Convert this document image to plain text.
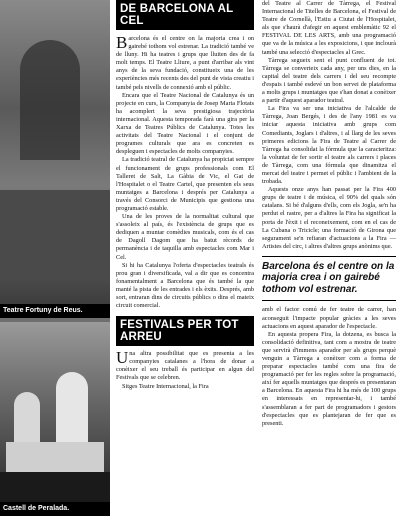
Teatre Fortuny de Reus.
Castell de Peralada.
DE BARCELONA AL CEL

Barcelona és el centre on la majoria crea i on gairebé tothom vol estrenar. La tradició també ve de lluny. Hi ha teatres i grups que lluiten des de fa molt temps. El Teatre Lliure, a punt d'arribar als vint anys de la seva fundació, constitueix una de les experiències més recents des del punt de vista creatiu i també pels nivells de connexió amb el públic.

Encara que el Teatre Nacional de Catalunya és un projecte en curs, la Companyia de Josep Maria Flotats ha acomplert la seva prestigiosa trajectòria internacional. Aquesta temporada farà una gira per la Xarxa de Teatres Públics de Catalunya. Totes les activitats del Teatre Nacional i el conjunt de programes culturals que ara es concreten es despleguen i espectacles de molts companyies.

La tradició teatral de Catalunya ha propiciat sempre el funcionament de grups professionals com El Talleret de Salt, La Gàbia de Vic, el Gat de l'Hospitalet o el Teatre Cartel, que presenten els seus muntatges a Barcelona i després per Catalunya a través del Consorci de Municipis que gestiona una programació estable.

Una de les proves de la normalitat cultural que s'assoleix al país, és l'existència de grups que es dediquen a muntar comèdies musicals, com és el cas de Dagoll Dagom que ha batut rècords de permanència i de taquilla amb espectacles com Mar i Cel.

Si hi ha Catalunya l'oferta d'espectacles teatrals és prou gran i diversificada, val a dir que es concentra fonamentalment a Barcelona que és també la que manté la pista de les entrades i els èxits. Després, amb sort, entraran dins de circuits públics o dins el mateix circuit comercial.

FESTIVALS PER TOT ARREU

Una altra possibilitat que es presenta a les companyies catalanes a l'hora de donar a conèixer el seu treball és participar en algun del Festivals que se celebren.

Sitges Teatre Internacional, la Fira

del Teatre al Carrer de Tàrrega, el Festival Internacional de Titelles de Barcelona, el Festival de Teatre de Cornellà, l'Estiu a Ciutat de l'Hospitalet, als que s'haurà d'afegir en aquest emblemàtic 92 el FESTIVAL DE LES ARTS, amb una programació que va de la música a les exposicions, i que inclourà també una selecció d'espectacles al Grec.

Tàrrega segueix sent el punt confluent de tot. Tàrrega se converteix cada any, per uns dies, en la capital del teatre dels carrers i del seu recompte d'espais i també esdevé un bon servei de plataforma a molts grups i muntatges que s'han donat a conèixer a partir d'aquest aparador teatral.

La Fira va ser una iniciativa de l'alcalde de Tàrrega, Joan Bergés, i des de l'any 1981 es va iniciar aquesta iniciativa amb grups com Comediants, Joglars i d'altres, i al llarg de les seves primeres edicions la Fira de Teatre al Carrer de Tàrrega ha consolidat la fórmula que la caracteritza: la voluntat de fer sortir el teatre als carrers i places de Tàrrega, com una fórmula que dinamitza el mercat del teatre i permet el públic i l'ambient de la trobada.

Aquests onze anys han passat per la Fira 400 grups de teatre i de música, el 90% del quals són catalans. Si bé d'alguns d'ells, com els Jogla, se'n ha perdut el rastre, per a d'altres la Fira ha significat la porta de l'èxit i el reconeixement, com en el cas de La Cubana o Tricicle; una formació de Girona que segurament se'n refiaran d'actuacions a la Fira — Artistes del circ, i altres d'altres grups anònims que.

Barcelona és el centre on la majoria crea i on gairebé tothom vol estrenar.

amb el factor comú de fer teatre de carrer, han aconseguit l'impacte popular gràcies a les seves actuacions en aquest aparador de l'espectacle.

En aquesta propera Fira, la dotzena, es busca la consolidació definitiva, tant com a mostra de teatre que servirà d'immens aparador per als grups perquè venguin a Tàrrega a conèixer com a forma de preparar espectacles també com una fira de programació per fer les regles sobre la programació, així fer aquells muntatges que després es presentaran a Barcelona. En aquesta Fira hi ha més de 100 grups en interessats en representar-hi, i també s'assemblaran a fer part de programadors i gestors d'espectacles que es plantejaran de fer que es presenti.
